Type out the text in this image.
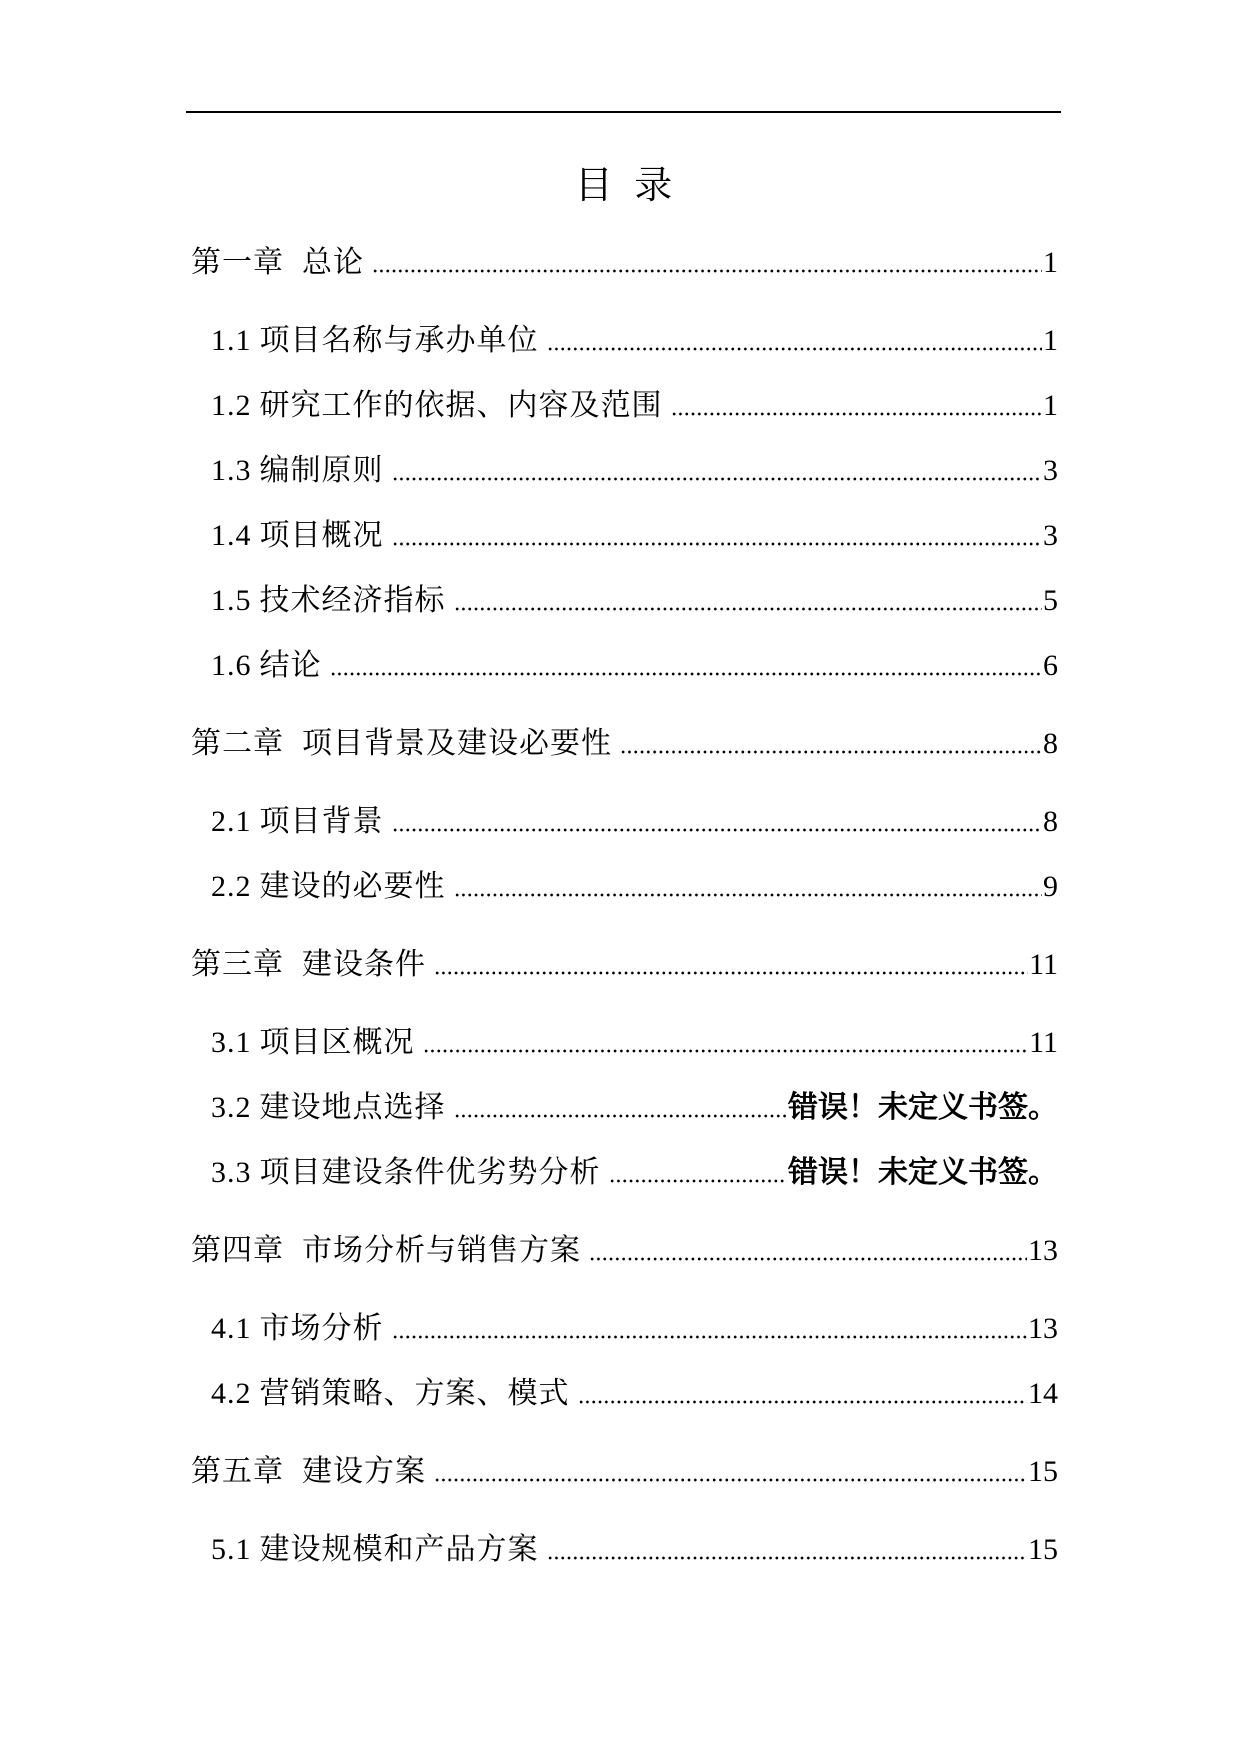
目 录
第一章 总论	1
1.1 项目名称与承办单位	1
1.2 研究工作的依据、内容及范围	1
1.3 编制原则	3
1.4 项目概况	3
1.5 技术经济指标	5
1.6 结论	6
第二章 项目背景及建设必要性	8
2.1 项目背景	8
2.2 建设的必要性	9
第三章 建设条件	11
3.1 项目区概况	11
3.2 建设地点选择	错误！未定义书签。
3.3 项目建设条件优劣势分析	错误！未定义书签。
第四章 市场分析与销售方案	13
4.1 市场分析	13
4.2 营销策略、方案、模式	14
第五章 建设方案	15
5.1 建设规模和产品方案	15
